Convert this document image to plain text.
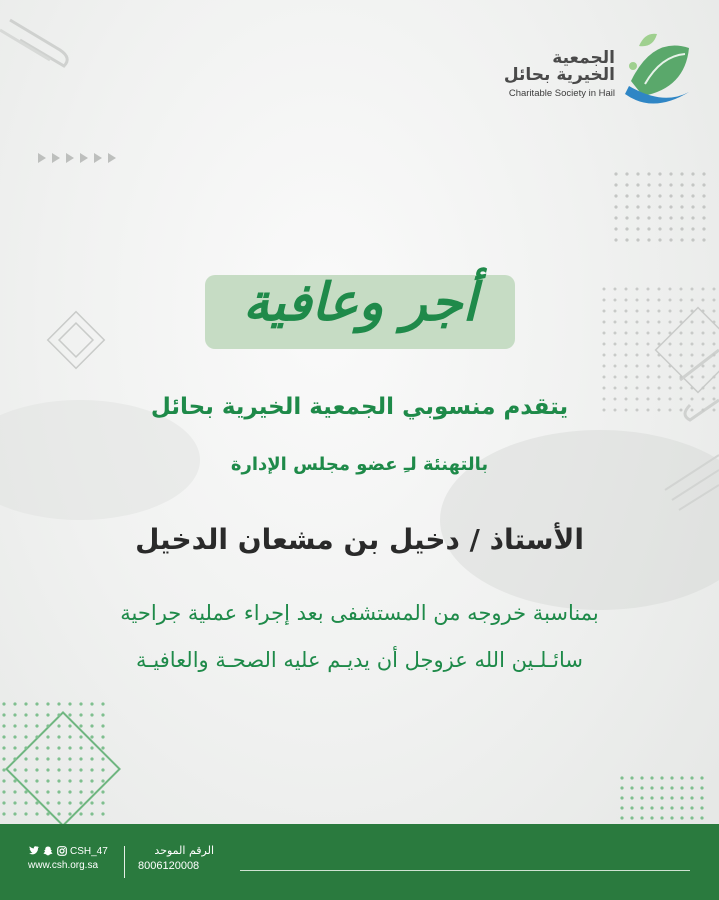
الجمعية
الخيرية بحائل
Charitable Society in Hail
أجر وعافية
يتقدم منسوبي الجمعية الخيرية بحائل
بالتهنئة لـِ عضو مجلس الإدارة
الأستاذ / دخيل بن مشعان الدخيل
بمناسبة خروجه من المستشفى بعد إجراء عملية جراحية
سائـلـين الله عزوجل أن يديـم عليه الصحـة والعافيـة
الرقم الموحد
8006120008
CSH_47
www.csh.org.sa
